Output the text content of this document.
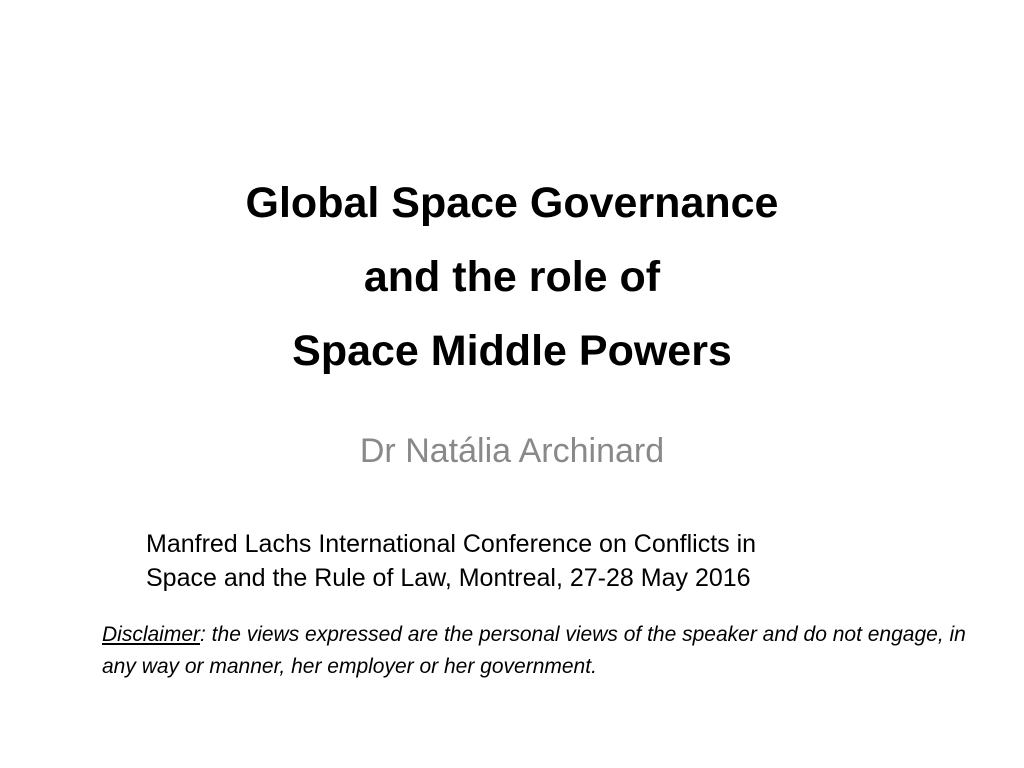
Global Space Governance
and the role of
Space Middle Powers
Dr Natália Archinard
Manfred Lachs International Conference on Conflicts in
Space and the Rule of Law, Montreal, 27-28 May 2016
Disclaimer: the views expressed are the personal views of the speaker and do not engage, in any way or manner, her employer or her government.
